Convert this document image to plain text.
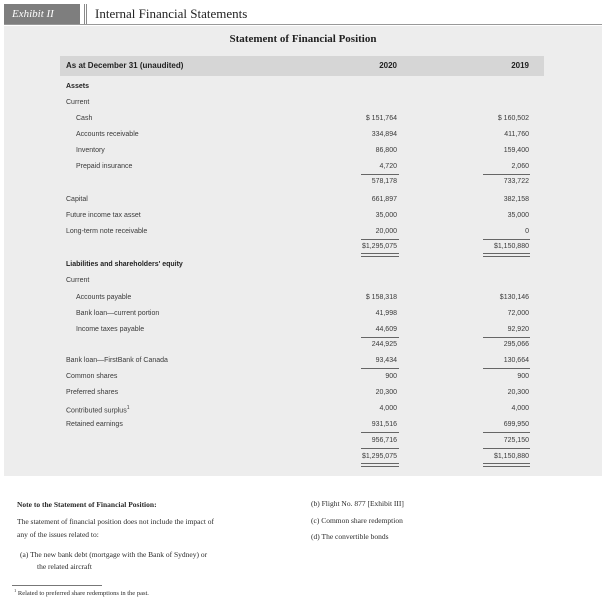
Exhibit II	Internal Financial Statements
Statement of Financial Position
As at December 31 (unaudited)	2020	2019
Assets
Current
Cash	$ 151,764	$ 160,502
Accounts receivable	334,894	411,760
Inventory	86,800	159,400
Prepaid insurance	4,720	2,060
578,178	733,722
Capital	661,897	382,158
Future income tax asset	35,000	35,000
Long-term note receivable	20,000	0
$1,295,075	$1,150,880
Liabilities and shareholders' equity
Current
Accounts payable	$ 158,318	$130,146
Bank loan—current portion	41,998	72,000
Income taxes payable	44,609	92,920
244,925	295,066
Bank loan—FirstBank of Canada	93,434	130,664
Common shares	900	900
Preferred shares	20,300	20,300
Contributed surplus$^1$	4,000	4,000
Retained earnings	931,516	699,950
956,716	725,150
$1,295,075	$1,150,880
Note to the Statement of Financial Position:
The statement of financial position does not include the impact of
any of the issues related to:
(a) The new bank debt (mortgage with the Bank of Sydney) or
the related aircraft
(b) Flight No. 877 [Exhibit III]
(c) Common share redemption
(d) The convertible bonds
$^1$ Related to preferred share redemptions in the past.
